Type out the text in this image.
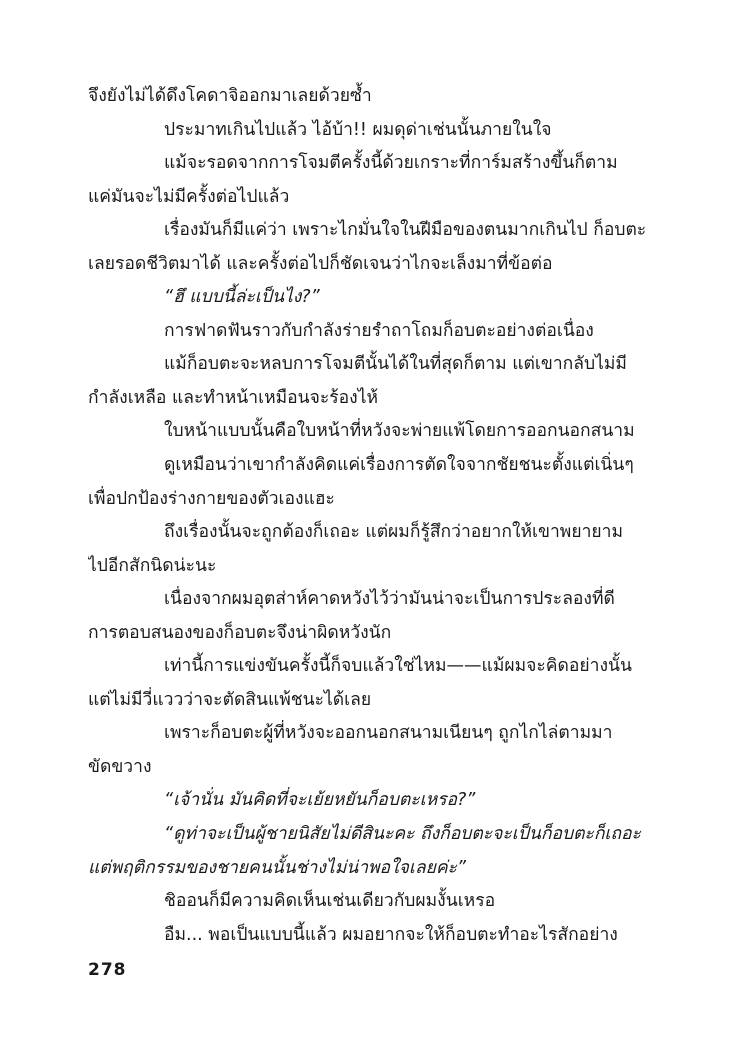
จึงยังไม่ได้ดึงโคดาจิออกมาเลยด้วยซ้ำ
ประมาทเกินไปแล้ว ไอ้บ้า!! ผมดุด่าเช่นนั้นภายในใจ
แม้จะรอดจากการโจมตีครั้งนี้ด้วยเกราะที่การ์มสร้างขึ้นก็ตาม
แค่มันจะไม่มีครั้งต่อไปแล้ว
เรื่องมันก็มีแค่ว่า เพราะไกมั่นใจในฝีมือของตนมากเกินไป ก็อบตะ
เลยรอดชีวิตมาได้ และครั้งต่อไปก็ชัดเจนว่าไกจะเล็งมาที่ข้อต่อ
“ฮึ แบบนี้ล่ะเป็นไง?”
การฟาดฟันราวกับกำลังร่ายรำถาโถมก็อบตะอย่างต่อเนื่อง
แม้ก็อบตะจะหลบการโจมตีนั้นได้ในที่สุดก็ตาม แต่เขากลับไม่มี
กำลังเหลือ และทำหน้าเหมือนจะร้องไห้
ใบหน้าแบบนั้นคือใบหน้าที่หวังจะพ่ายแพ้โดยการออกนอกสนาม
ดูเหมือนว่าเขากำลังคิดแค่เรื่องการตัดใจจากชัยชนะตั้งแต่เนิ่นๆ
เพื่อปกป้องร่างกายของตัวเองแฮะ
ถึงเรื่องนั้นจะถูกต้องก็เถอะ แต่ผมก็รู้สึกว่าอยากให้เขาพยายาม
ไปอีกสักนิดน่ะนะ
เนื่องจากผมอุตส่าห์คาดหวังไว้ว่ามันน่าจะเป็นการประลองที่ดี
การตอบสนองของก็อบตะจึงน่าผิดหวังนัก
เท่านี้การแข่งขันครั้งนี้ก็จบแล้วใช่ไหม——แม้ผมจะคิดอย่างนั้น
แต่ไม่มีวี่แววว่าจะตัดสินแพ้ชนะได้เลย
เพราะก็อบตะผู้ที่หวังจะออกนอกสนามเนียนๆ ถูกไกไล่ตามมา
ขัดขวาง
“เจ้านั่น มันคิดที่จะเย้ยหยันก็อบตะเหรอ?”
“ดูท่าจะเป็นผู้ชายนิสัยไม่ดีสินะคะ ถึงก็อบตะจะเป็นก็อบตะก็เถอะ
แต่พฤติกรรมของชายคนนั้นช่างไม่น่าพอใจเลยค่ะ”
ชิออนก็มีความคิดเห็นเช่นเดียวกับผมงั้นเหรอ
อืม... พอเป็นแบบนี้แล้ว ผมอยากจะให้ก็อบตะทำอะไรสักอย่าง
278
